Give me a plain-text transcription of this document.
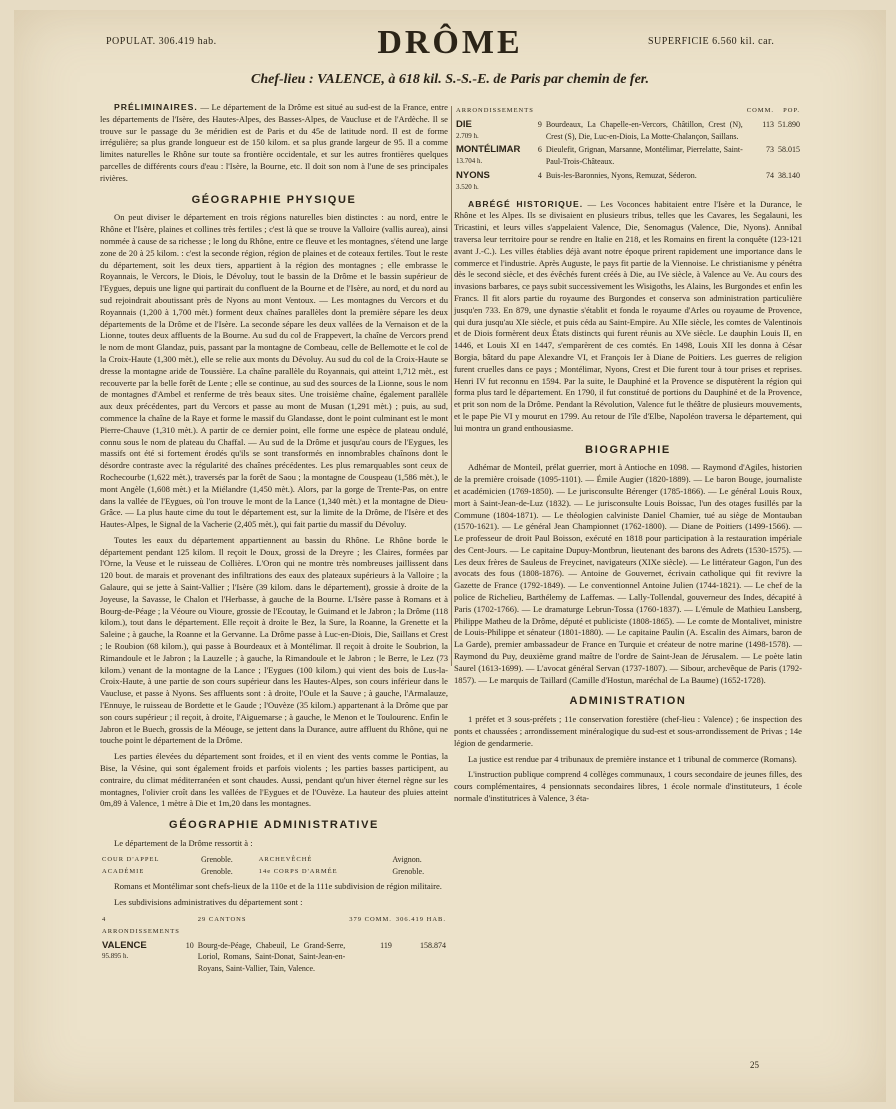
POPULAT. 306.419 hab.	DRÔME	SUPERFICIE 6.560 kil. car.
Chef-lieu : VALENCE, à 618 kil. S.-S.-E. de Paris par chemin de fer.

PRÉLIMINAIRES. — Le département de la Drôme est situé au sud-est de la France, entre les départements de l'Isère, des Hautes-Alpes, des Basses-Alpes, de Vaucluse et de l'Ardèche. Il se trouve sur le passage du 3e méridien est de Paris et du 45e de latitude nord. Il est de forme irrégulière; sa plus grande longueur est de 150 kilom. et sa plus grande largeur de 95. Il a comme limites naturelles le Rhône sur toute sa frontière occidentale, et sur les autres frontières quelques parcelles de différents cours d'eau : l'Isère, la Bourne, etc. Il doit son nom à l'une de ses principales rivières.

GÉOGRAPHIE PHYSIQUE

On peut diviser le département en trois régions naturelles bien distinctes : au nord, entre le Rhône et l'Isère, plaines et collines très fertiles ; c'est là que se trouve la Valloire (vallis aurea), ainsi nommée à cause de sa richesse ; le long du Rhône, entre ce fleuve et les montagnes, s'étend une large zone de 20 à 25 kilom. : c'est la seconde région, région de plaines et de coteaux fertiles. Tout le reste du département, soit les deux tiers, appartient à la région des montagnes ; elle embrasse le Royannais, le Vercors, le Diois, le Dévoluy, tout le bassin de la Drôme et le bassin supérieur de l'Eygues, depuis une ligne qui partirait du confluent de la Bourne et de l'Isère, au nord, et du nord au sud rejoindrait aboutissant près de Nyons au mont Ventoux. — Les montagnes du Vercors et du Royannais (1,200 à 1,700 mèt.) forment deux chaînes parallèles dont la première sépare les deux départements de la Drôme et de l'Isère. La seconde sépare les deux vallées de la Vernaison et de la Lionne, toutes deux affluents de la Bourne. Au sud du col de Frappevert, la chaîne de Vercors prend le nom de mont Glandaz, puis, passant par la montagne de Combeau, celle de Bellemotte et le col de la Croix-Haute (1,300 mèt.), elle se relie aux monts du Dévoluy. Au sud du col de la Croix-Haute se dresse la montagne aride de Toussière. La chaîne parallèle du Royannais, qui atteint 1,712 mèt., est recouverte par la belle forêt de Lente ; elle se continue, au sud des sources de la Lionne, sous le nom de montagnes d'Ambel et renferme de très beaux sites. Une troisième chaîne, également parallèle aux deux précédentes, part du Vercors et passe au mont de Musan (1,291 mèt.) ; puis, au sud, commence la chaîne de la Raye et forme le massif du Glandasse, dont le point culminant est le mont Pierre-Chauve (1,310 mèt.). A partir de ce dernier point, elle forme une espèce de plateau ondulé, connu sous le nom de plateau du Chaffal. — Au sud de la Drôme et jusqu'au cours de l'Eygues, les massifs ont été si fortement érodés qu'ils se sont transformés en innombrables chaînons dont le désordre contraste avec la régularité des chaînes précédentes. Les plus remarquables sont ceux de Rochecourbe (1,622 mèt.), traversés par la forêt de Saou ; la montagne de Couspeau (1,586 mèt.), le mont Angèle (1,608 mèt.) et la Miélandre (1,450 mèt.). Alors, par la gorge de Trente-Pas, on entre dans la vallée de l'Eygues, où l'on trouve le mont de la Lance (1,340 mèt.) et la montagne de Dieu-Grâce. — La plus haute cime du tout le département est, sur la limite de la Drôme, de l'Isère et des Hautes-Alpes, le Signal de la Vacherie (2,405 mèt.), qui fait partie du massif du Dévoluy.

Toutes les eaux du département appartiennent au bassin du Rhône. Le Rhône borde le département pendant 125 kilom. Il reçoit le Doux, grossi de la Dreyre ; les Claires, formées par l'Orne, la Veuse et le ruisseau de Collières. L'Oron qui ne montre très nombreuses jaillissent dans 120 bout. de marais et provenant des infiltrations des eaux des plateaux supérieurs à la Valloire ; la Galaure, qui se jette à Saint-Vallier ; l'Isère (39 kilom. dans le département), grossie à droite de la Joyeuse, la Savasse, le Chalon et l'Herbasse, à gauche de la Bourne. L'Isère passe à Romans et à Bourg-de-Péage ; la Véoure ou Vioure, grossie de l'Ecoutay, le Guimand et le Jabron ; la Drôme (118 kilom.), tout dans le département. Elle reçoit à droite le Bez, la Sure, la Roanne, la Grenette et la Saleine ; à gauche, la Roanne et la Gervanne. La Drôme passe à Luc-en-Diois, Die, Saillans et Crest ; le Roubion (68 kilom.), qui passe à Bourdeaux et à Montélimar. Il reçoit à droite le Soubrion, la Rimandoule et le Jabron ; la Lauzelle ; à gauche, la Rimandoule et le Jabron ; le Berre, le Lez (73 kilom.) venant de la montagne de la Lance ; l'Eygues (100 kilom.) qui vient des bois de Lus-la-Croix-Haute, à une partie de son cours supérieur dans les Hautes-Alpes, son cours inférieur dans le Vaucluse, et passe à Nyons. Ses affluents sont : à droite, l'Oule et la Sauve ; à gauche, l'Armalauze, l'Ennuye, le ruisseau de Bordette et le Gaude ; l'Ouvèze (35 kilom.) appartenant à la Drôme que par son cours supérieur ; il reçoit, à droite, l'Aiguemarse ; à gauche, le Menon et le Toulourenc. Enfin le Jabron et le Buech, grossis de la Méouge, se jettent dans la Durance, autre affluent du Rhône, qui ne touche point le département de la Drôme.

Les parties élevées du département sont froides, et il en vient des vents comme le Pontias, la Bise, la Vésine, qui sont également froids et parfois violents ; les parties basses participent, au contraire, du climat méditerranéen et sont chaudes. Aussi, pendant qu'un hiver éternel règne sur les montagnes, l'olivier croît dans les vallées de l'Eygues et de l'Ouvèze. La hauteur des pluies atteint 0m,89 à Valence, 1 mètre à Die et 1m,20 dans les montagnes.

GÉOGRAPHIE ADMINISTRATIVE

Le département de la Drôme ressortit à :

COUR D'APPEL	Grenoble.	ARCHEVÊCHÉ	Avignon.
ACADÉMIE	Grenoble.	14e CORPS D'ARMÉE	Grenoble.

Romans et Montélimar sont chefs-lieux de la 110e et de la 111e subdivision de région militaire.

Les subdivisions administratives du département sont :

4 ARRONDISSEMENTS		29 CANTONS	379 COMM.	306.419 HAB.

VALENCE
95.895 h.	10	Bourg-de-Péage, Chabeuil, Le Grand-Serre, Loriol, Romans, Saint-Donat, Saint-Jean-en-Royans, Saint-Vallier, Tain, Valence.	119	158.874
ARRONDISSEMENTS			COMM.	POP.

DIE
2.709 h.	9	Bourdeaux, La Chapelle-en-Vercors, Châtillon, Crest (N), Crest (S), Die, Luc-en-Diois, La Motte-Chalançon, Saillans.	113	51.890

MONTÉLIMAR
13.704 h.	6	Dieulefit, Grignan, Marsanne, Montélimar, Pierrelatte, Saint-Paul-Trois-Châteaux.	73	58.015

NYONS
3.520 h.	4	Buis-les-Baronnies, Nyons, Remuzat, Séderon.	74	38.140

ABRÉGÉ HISTORIQUE. — Les Voconces habitaient entre l'Isère et la Durance, le Rhône et les Alpes. Ils se divisaient en plusieurs tribus, telles que les Cavares, les Segalauni, les Tricastini, et leurs villes s'appelaient Valence, Die, Senomagus (Valence, Die, Nyons). Annibal traversa leur territoire pour se rendre en Italie en 218, et les Romains en firent la conquête (123-121 avant J.-C.). Les villes établies déjà avant notre époque prirent rapidement une importance dans le commerce et l'industrie. Après Auguste, le pays fit partie de la Viennoise. Le christianisme y pénétra dès le second siècle, et des évêchés furent créés à Die, au IVe siècle, à Valence au Ve. Au cours des invasions barbares, ce pays subit successivement les Wisigoths, les Alains, les Burgondes et enfin les Francs. Il fit alors partie du royaume des Burgondes et conserva son administration particulière jusqu'en 733. En 879, une dynastie s'établit et fonda le royaume d'Arles ou royaume de Provence, qui dura jusqu'au XIe siècle, et puis céda au Saint-Empire. Au XIIe siècle, les comtes de Valentinois et de Diois formèrent deux États distincts qui furent réunis au XVe siècle. Le dauphin Louis II, en 1446, et Louis XI en 1447, s'emparèrent de ces comtés. En 1498, Louis XII les donna à César Borgia, bâtard du pape Alexandre VI, et François Ier à Diane de Poitiers. Les guerres de religion furent cruelles dans ce pays ; Montélimar, Nyons, Crest et Die furent tour à tour prises et reprises. Henri IV fut reconnu en 1594. Par la suite, le Dauphiné et la Provence se disputèrent la région qui forma plus tard le département. En 1790, il fut constitué de portions du Dauphiné et de la Provence, et prit son nom de la Drôme. Pendant la Révolution, Valence fut le théâtre de plusieurs mouvements, et le pape Pie VI y mourut en 1799. Au retour de l'île d'Elbe, Napoléon traversa le département, qui lui montra un grand enthousiasme.

BIOGRAPHIE

Adhémar de Monteil, prélat guerrier, mort à Antioche en 1098. — Raymond d'Agiles, historien de la première croisade (1095-1101). — Émile Augier (1820-1889). — Le baron Bouge, journaliste et académicien (1769-1850). — Le jurisconsulte Bérenger (1785-1866). — Le général Louis Roux, mort à Saint-Jean-de-Luz (1832). — Le jurisconsulte Louis Boissac, l'un des otages fusillés par la Commune (1804-1871). — Le théologien calviniste Daniel Chamier, tué au siège de Montauban (1570-1621). — Le général Jean Championnet (1762-1800). — Diane de Poitiers (1499-1566). — Le professeur de droit Paul Boisson, exécuté en 1818 pour participation à la restauration impériale des Cent-Jours. — Le capitaine Dupuy-Montbrun, lieutenant des barons des Adrets (1530-1575). — Les deux frères de Sauleus de Freycinet, navigateurs (XIXe siècle). — Le littérateur Gagon, l'un des avocats des fous (1808-1876). — Antoine de Gouvernet, écrivain catholique qui fit revivre la Gazette de France (1792-1849). — Le conventionnel Antoine Julien (1744-1821). — Le chef de la police de Richelieu, Barthélemy de Laffemas. — Lally-Tollendal, gouverneur des Indes, décapité à Paris (1702-1766). — Le dramaturge Lebrun-Tossa (1760-1837). — L'émule de Mathieu Lansberg, Philippe Matheu de la Drôme, député et publiciste (1808-1865). — Le comte de Montalivet, ministre de Louis-Philippe et sénateur (1801-1880). — Le capitaine Paulin (A. Escalin des Aimars, baron de La Garde), premier ambassadeur de France en Turquie et créateur de notre marine (1498-1578). — Raymond du Puy, deuxième grand maître de l'ordre de Saint-Jean de Jérusalem. — Le poète latin Saurel (1613-1699). — L'avocat général Servan (1737-1807). — Sibour, archevêque de Paris (1792-1857). — Le marquis de Taillard (Camille d'Hostun, maréchal de La Baume) (1652-1728).

ADMINISTRATION

1 préfet et 3 sous-préfets ; 11e conservation forestière (chef-lieu : Valence) ; 6e inspection des ponts et chaussées ; arrondissement minéralogique du sud-est et sous-arrondissement de Privas ; 14e légion de gendarmerie.

La justice est rendue par 4 tribunaux de première instance et 1 tribunal de commerce (Romans).

L'instruction publique comprend 4 collèges communaux, 1 cours secondaire de jeunes filles, des cours complémentaires, 4 pensionnats secondaires libres, 1 école normale d'instituteurs, 1 école normale d'institutrices à Valence, 3 éta-

25
